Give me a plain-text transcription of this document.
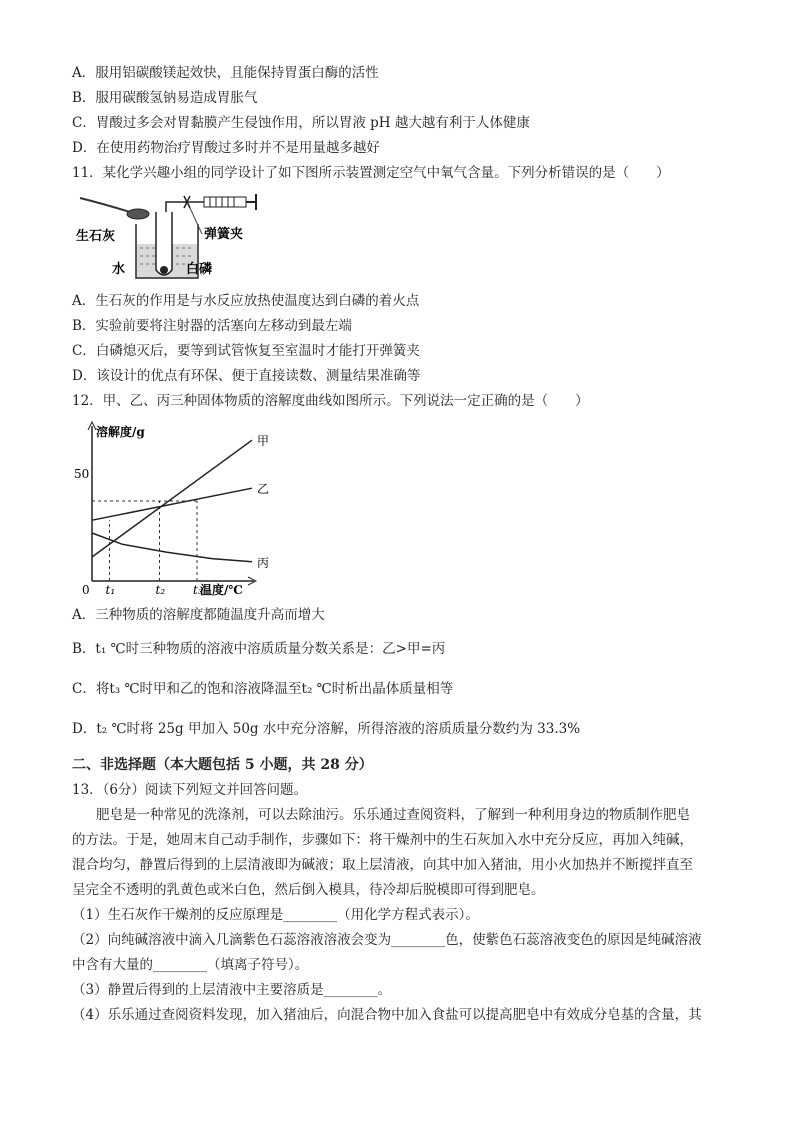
A．服用铝碳酸镁起效快，且能保持胃蛋白酶的活性
B．服用碳酸氢钠易造成胃胀气
C．胃酸过多会对胃黏膜产生侵蚀作用，所以胃液 pH 越大越有利于人体健康
D．在使用药物治疗胃酸过多时并不是用量越多越好
11．某化学兴趣小组的同学设计了如下图所示装置测定空气中氧气含量。下列分析错误的是（　　）
生石灰	弹簧夹
水	白磷
A．生石灰的作用是与水反应放热使温度达到白磷的着火点
B．实验前要将注射器的活塞向左移动到最左端
C．白磷熄灭后，要等到试管恢复至室温时才能打开弹簧夹
D．该设计的优点有环保、便于直接读数、测量结果准确等
12．甲、乙、丙三种固体物质的溶解度曲线如图所示。下列说法一定正确的是（　　）
溶解度/g
温度/℃
0
50
甲
乙
丙
t₁	t₂ t₃
A．三种物质的溶解度都随温度升高而增大
B．t₁ ℃时三种物质的溶液中溶质质量分数关系是：乙>甲=丙
C．将t₃ ℃时甲和乙的饱和溶液降温至t₂ ℃时析出晶体质量相等
D．t₂ ℃时将 25g 甲加入 50g 水中充分溶解，所得溶液的溶质质量分数约为 33.3%
二、非选择题（本大题包括 5 小题，共 28 分）
13．（6分）阅读下列短文并回答问题。
肥皂是一种常见的洗涤剂，可以去除油污。乐乐通过查阅资料，了解到一种利用身边的物质制作肥皂
的方法。于是，她周末自己动手制作，步骤如下：将干燥剂中的生石灰加入水中充分反应，再加入纯碱，
混合均匀，静置后得到的上层清液即为碱液；取上层清液，向其中加入猪油，用小火加热并不断搅拌直至
呈完全不透明的乳黄色或米白色，然后倒入模具，待冷却后脱模即可得到肥皂。
（1）生石灰作干燥剂的反应原理是________（用化学方程式表示）。
（2）向纯碱溶液中滴入几滴紫色石蕊溶液溶液会变为________色，使紫色石蕊溶液变色的原因是纯碱溶液
中含有大量的________（填离子符号）。
（3）静置后得到的上层清液中主要溶质是________。
（4）乐乐通过查阅资料发现，加入猪油后，向混合物中加入食盐可以提高肥皂中有效成分皂基的含量，其
